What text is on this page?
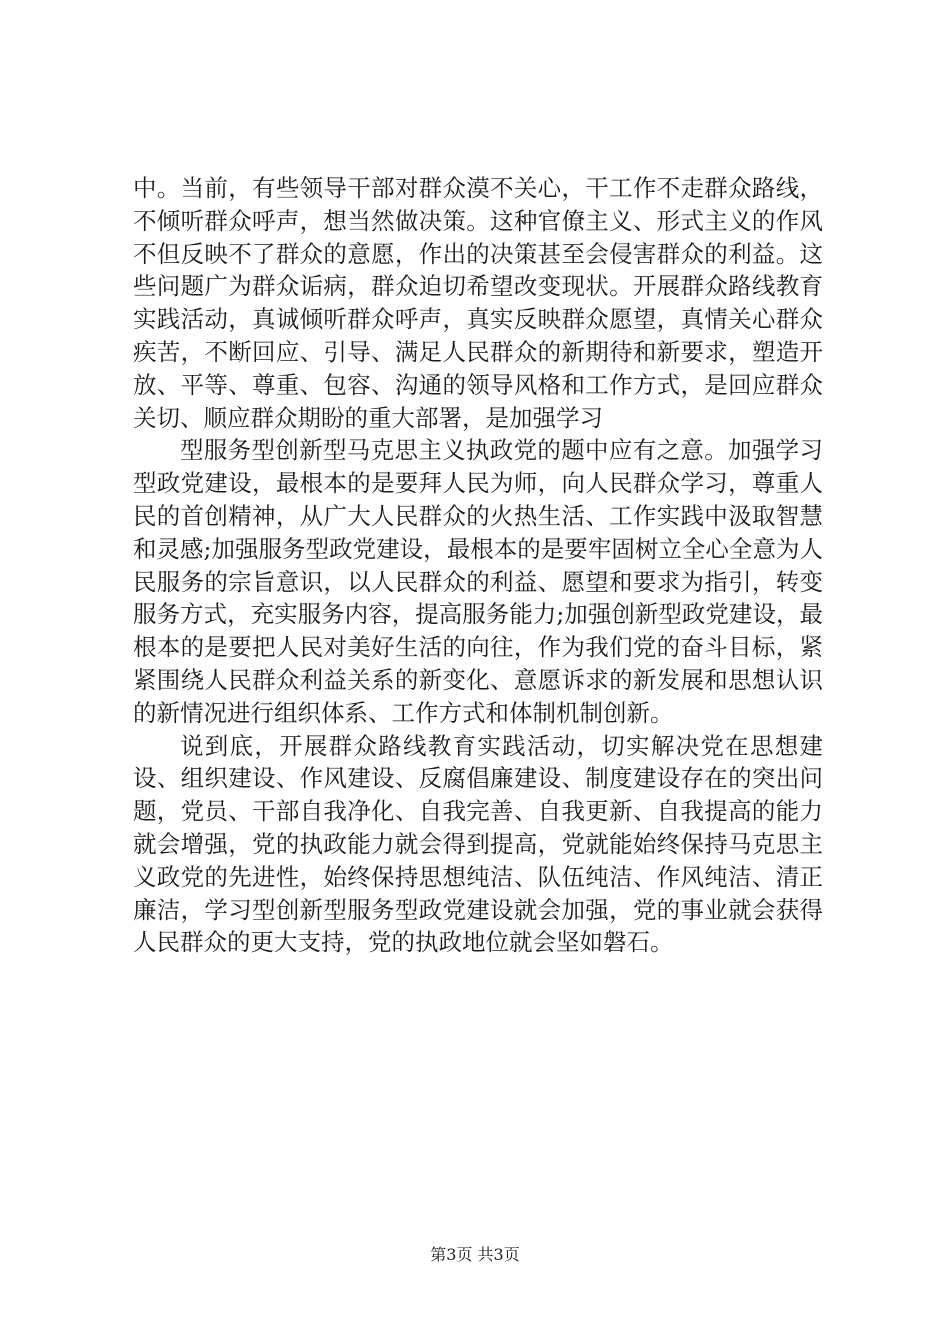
中。当前，有些领导干部对群众漠不关心，干工作不走群众路线，不倾听群众呼声，想当然做决策。这种官僚主义、形式主义的作风不但反映不了群众的意愿，作出的决策甚至会侵害群众的利益。这些问题广为群众诟病，群众迫切希望改变现状。开展群众路线教育实践活动，真诚倾听群众呼声，真实反映群众愿望，真情关心群众疾苦，不断回应、引导、满足人民群众的新期待和新要求，塑造开放、平等、尊重、包容、沟通的领导风格和工作方式，是回应群众关切、顺应群众期盼的重大部署，是加强学习

型服务型创新型马克思主义执政党的题中应有之意。加强学习型政党建设，最根本的是要拜人民为师，向人民群众学习，尊重人民的首创精神，从广大人民群众的火热生活、工作实践中汲取智慧和灵感;加强服务型政党建设，最根本的是要牢固树立全心全意为人民服务的宗旨意识，以人民群众的利益、愿望和要求为指引，转变服务方式，充实服务内容，提高服务能力;加强创新型政党建设，最根本的是要把人民对美好生活的向往，作为我们党的奋斗目标，紧紧围绕人民群众利益关系的新变化、意愿诉求的新发展和思想认识的新情况进行组织体系、工作方式和体制机制创新。

说到底，开展群众路线教育实践活动，切实解决党在思想建设、组织建设、作风建设、反腐倡廉建设、制度建设存在的突出问题，党员、干部自我净化、自我完善、自我更新、自我提高的能力就会增强，党的执政能力就会得到提高，党就能始终保持马克思主义政党的先进性，始终保持思想纯洁、队伍纯洁、作风纯洁、清正廉洁，学习型创新型服务型政党建设就会加强，党的事业就会获得人民群众的更大支持，党的执政地位就会坚如磐石。

第3页 共3页
